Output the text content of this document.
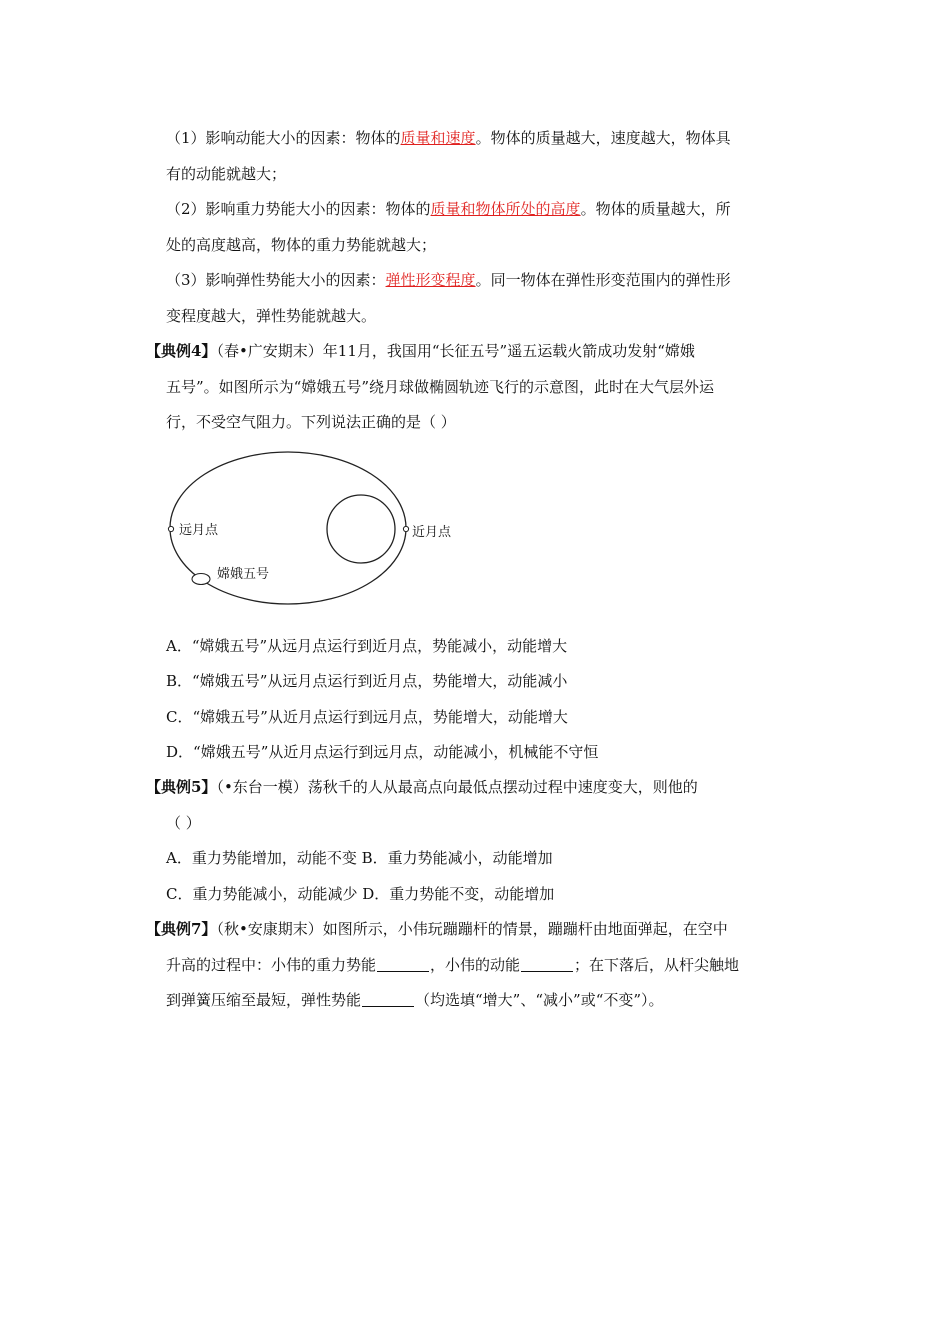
（1）影响动能大小的因素：物体的质量和速度。物体的质量越大，速度越大，物体具
有的动能就越大；
（2）影响重力势能大小的因素：物体的质量和物体所处的高度。物体的质量越大，所
处的高度越高，物体的重力势能就越大；
（3）影响弹性势能大小的因素：弹性形变程度。同一物体在弹性形变范围内的弹性形
变程度越大，弹性势能就越大。
【典例4】（春•广安期末）年11月，我国用“长征五号”遥五运载火箭成功发射“嫦娥
五号”。如图所示为“嫦娥五号”绕月球做椭圆轨迹飞行的示意图，此时在大气层外运
行，不受空气阻力。下列说法正确的是（ ）
远月点	近月点
嫦娥五号
A．“嫦娥五号”从远月点运行到近月点，势能减小，动能增大
B．“嫦娥五号”从远月点运行到近月点，势能增大，动能减小
C．“嫦娥五号”从近月点运行到远月点，势能增大，动能增大
D．“嫦娥五号”从近月点运行到远月点，动能减小，机械能不守恒
【典例5】（•东台一模）荡秋千的人从最高点向最低点摆动过程中速度变大，则他的
（ ）
A．重力势能增加，动能不变 B．重力势能减小，动能增加
C．重力势能减小，动能减少 D．重力势能不变，动能增加
【典例7】（秋•安康期末）如图所示，小伟玩蹦蹦杆的情景，蹦蹦杆由地面弹起，在空中
升高的过程中：小伟的重力势能	，小伟的动能	；在下落后，从杆尖触地
到弹簧压缩至最短，弹性势能	（均选填“增大”、“减小”或“不变”）。
